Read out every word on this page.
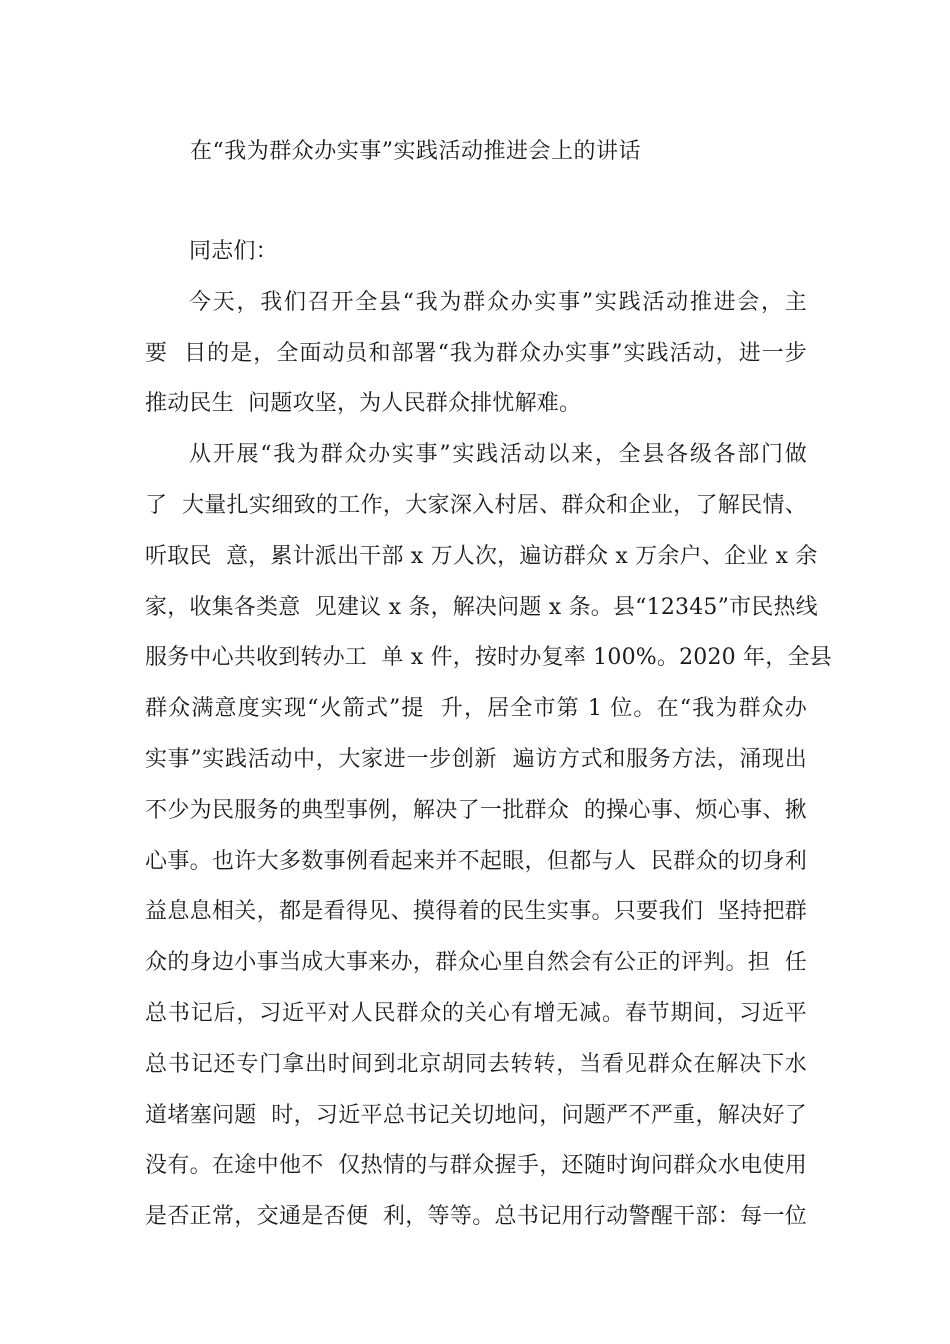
在“我为群众办实事”实践活动推进会上的讲话
同志们：
今天，我们召开全县“我为群众办实事”实践活动推进会，主
要  目的是，全面动员和部署“我为群众办实事”实践活动，进一步
推动民生  问题攻坚，为人民群众排忧解难。
从开展“我为群众办实事”实践活动以来，全县各级各部门做
了  大量扎实细致的工作，大家深入村居、群众和企业，了解民情、
听取民  意，累计派出干部 x 万人次，遍访群众 x 万余户、企业 x 余
家，收集各类意  见建议 x 条，解决问题 x 条。县“12345”市民热线
服务中心共收到转办工  单 x 件，按时办复率 100%。2020 年，全县
群众满意度实现“火箭式”提  升，居全市第 1 位。在“我为群众办
实事”实践活动中，大家进一步创新  遍访方式和服务方法，涌现出
不少为民服务的典型事例，解决了一批群众  的操心事、烦心事、揪
心事。也许大多数事例看起来并不起眼，但都与人  民群众的切身利
益息息相关，都是看得见、摸得着的民生实事。只要我们  坚持把群
众的身边小事当成大事来办，群众心里自然会有公正的评判。担  任
总书记后，习近平对人民群众的关心有增无减。春节期间，习近平
总书记还专门拿出时间到北京胡同去转转，当看见群众在解决下水
道堵塞问题  时，习近平总书记关切地问，问题严不严重，解决好了
没有。在途中他不  仅热情的与群众握手，还随时询问群众水电使用
是否正常，交通是否便  利，等等。总书记用行动警醒干部：每一位
